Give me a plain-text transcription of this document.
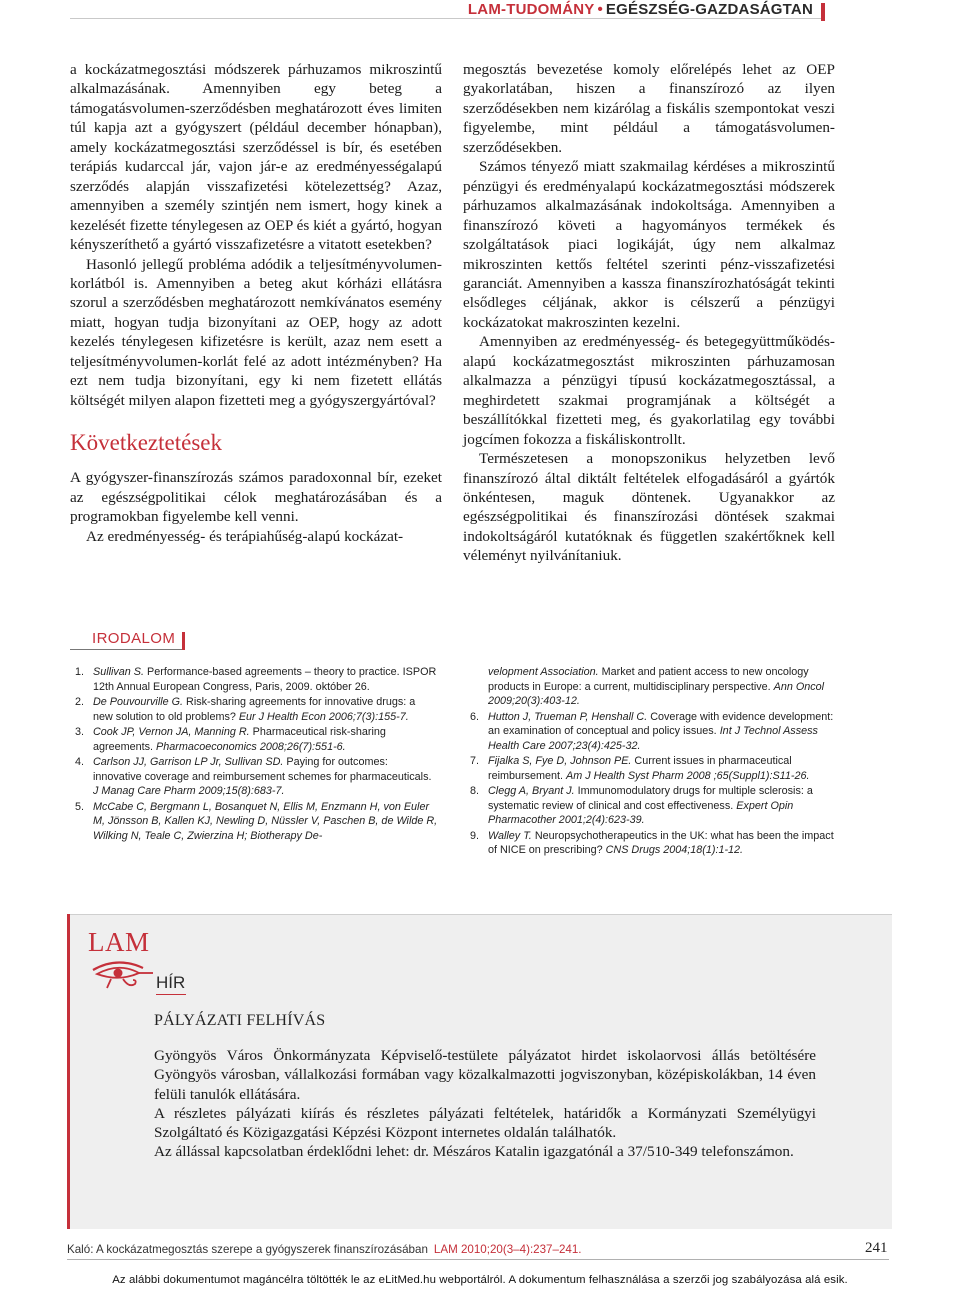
LAM-TUDOMÁNY • EGÉSZSÉG-GAZDASÁGTAN

a kockázatmegosztási módszerek párhuzamos mikroszintű alkalmazásának. Amennyiben egy beteg a támogatásvolumen-szerződésben meghatározott éves limiten túl kapja azt a gyógyszert (például december hónapban), amely kockázatmegosztási szerződéssel is bír, és esetében terápiás kudarccal jár, vajon jár-e az eredményességalapú szerződés alapján visszafizetési kötelezettség? Azaz, amennyiben a személy szintjén nem ismert, hogy kinek a kezelését fizette ténylegesen az OEP és kiét a gyártó, hogyan kényszeríthető a gyártó visszafizetésre a vitatott esetekben?

Hasonló jellegű probléma adódik a teljesítményvolumen-korlátból is. Amennyiben a beteg akut kórházi ellátásra szorul a szerződésben meghatározott nemkívánatos esemény miatt, hogyan tudja bizonyítani az OEP, hogy az adott kezelés ténylegesen kifizetésre is került, azaz nem esett a teljesítményvolumen-korlát felé az adott intézményben? Ha ezt nem tudja bizonyítani, egy ki nem fizetett ellátás költségét milyen alapon fizetteti meg a gyógyszergyártóval?

Következtetések

A gyógyszer-finanszírozás számos paradoxonnal bír, ezeket az egészségpolitikai célok meghatározásában és a programokban figyelembe kell venni.

Az eredményesség- és terápiahűség-alapú kockázat-

megosztás bevezetése komoly előrelépés lehet az OEP gyakorlatában, hiszen a finanszírozó az ilyen szerződésekben nem kizárólag a fiskális szempontokat veszi figyelembe, mint például a támogatásvolumen-szerződésekben.

Számos tényező miatt szakmailag kérdéses a mikroszintű pénzügyi és eredményalapú kockázatmegosztási módszerek párhuzamos alkalmazásának indokoltsága. Amennyiben a finanszírozó követi a hagyományos termékek és szolgáltatások piaci logikáját, úgy nem alkalmaz mikroszinten kettős feltétel szerinti pénz-visszafizetési garanciát. Amennyiben a kassza finanszírozhatóságát tekinti elsődleges céljának, akkor is célszerű a pénzügyi kockázatokat makroszinten kezelni.

Amennyiben az eredményesség- és betegegyüttműködés-alapú kockázatmegosztást mikroszinten párhuzamosan alkalmazza a pénzügyi típusú kockázatmegosztással, a meghirdetett szakmai programjának a költségét a beszállítókkal fizetteti meg, és gyakorlatilag egy további jogcímen fokozza a fiskáliskontrollt.

Természetesen a monopszonikus helyzetben levő finanszírozó által diktált feltételek elfogadásáról a gyártók önkéntesen, maguk döntenek. Ugyanakkor az egészségpolitikai és finanszírozási döntések szakmai indokoltságáról kutatóknak és független szakértőknek kell véleményt nyilvánítaniuk.

IRODALOM
1. Sullivan S. Performance-based agreements – theory to practice. ISPOR 12th Annual European Congress, Paris, 2009. október 26.
2. De Pouvourville G. Risk-sharing agreements for innovative drugs: a new solution to old problems? Eur J Health Econ 2006;7(3):155-7.
3. Cook JP, Vernon JA, Manning R. Pharmaceutical risk-sharing agreements. Pharmacoeconomics 2008;26(7):551-6.
4. Carlson JJ, Garrison LP Jr, Sullivan SD. Paying for outcomes: innovative coverage and reimbursement schemes for pharmaceuticals. J Manag Care Pharm 2009;15(8):683-7.
5. McCabe C, Bergmann L, Bosanquet N, Ellis M, Enzmann H, von Euler M, Jönsson B, Kallen KJ, Newling D, Nüssler V, Paschen B, de Wilde R, Wilking N, Teale C, Zwierzina H; Biotherapy De-
velopment Association. Market and patient access to new oncology products in Europe: a current, multidisciplinary perspective. Ann Oncol 2009;20(3):403-12.
6. Hutton J, Trueman P, Henshall C. Coverage with evidence development: an examination of conceptual and policy issues. Int J Technol Assess Health Care 2007;23(4):425-32.
7. Fijalka S, Fye D, Johnson PE. Current issues in pharmaceutical reimbursement. Am J Health Syst Pharm 2008 ;65(Suppl1):S11-26.
8. Clegg A, Bryant J. Immunomodulatory drugs for multiple sclerosis: a systematic review of clinical and cost effectiveness. Expert Opin Pharmacother 2001;2(4):623-39.
9. Walley T. Neuropsychotherapeutics in the UK: what has been the impact of NICE on prescribing? CNS Drugs 2004;18(1):1-12.
LAM
HÍR
PÁLYÁZATI FELHÍVÁS

Gyöngyös Város Önkormányzata Képviselő-testülete pályázatot hirdet iskolaorvosi állás betöltésére Gyöngyös városban, vállalkozási formában vagy közalkalmazotti jogviszonyban, középiskolákban, 14 éven felüli tanulók ellátására.

A részletes pályázati kiírás és részletes pályázati feltételek, határidők a Kormányzati Személyügyi Szolgáltató és Közigazgatási Képzési Központ internetes oldalán találhatók.

Az állással kapcsolatban érdeklődni lehet: dr. Mészáros Katalin igazgatónál a 37/510-349 telefonszámon.

Kaló: A kockázatmegosztás szerepe a gyógyszerek finanszírozásában LAM 2010;20(3–4):237–241.	241
Az alábbi dokumentumot magáncélra töltötték le az eLitMed.hu webportálról. A dokumentum felhasználása a szerzői jog szabályozása alá esik.
